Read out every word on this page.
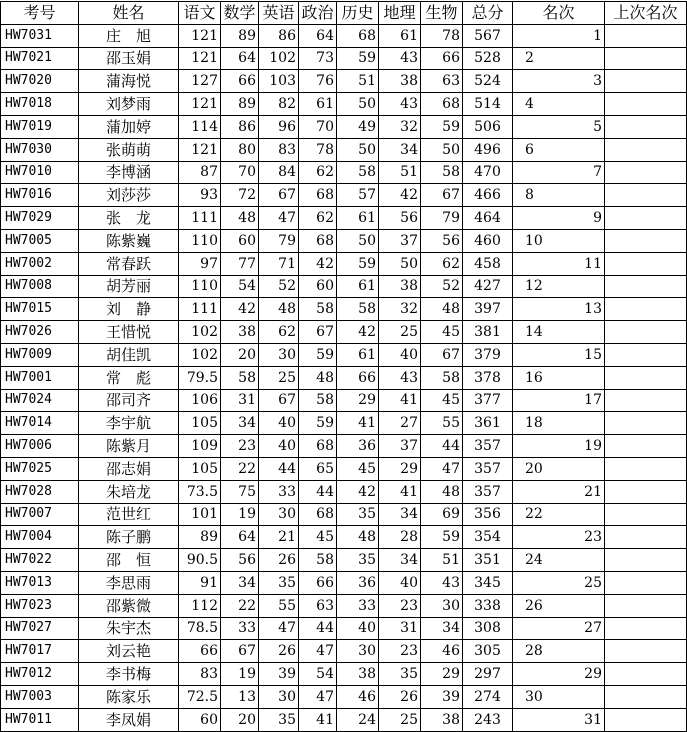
考号	姓名	语文	数学	英语	政治	历史	地理	生物	总分	名次	上次名次
HW7031	庄　旭	121	89	86	64	68	61	78	567	1	
HW7021	邵玉娟	121	64	102	73	59	43	66	528	2	
HW7020	蒲海悦	127	66	103	76	51	38	63	524	3	
HW7018	刘梦雨	121	89	82	61	50	43	68	514	4	
HW7019	蒲加婷	114	86	96	70	49	32	59	506	5	
HW7030	张萌萌	121	80	83	78	50	34	50	496	6	
HW7010	李博涵	87	70	84	62	58	51	58	470	7	
HW7016	刘莎莎	93	72	67	68	57	42	67	466	8	
HW7029	张　龙	111	48	47	62	61	56	79	464	9	
HW7005	陈紫巍	110	60	79	68	50	37	56	460	10	
HW7002	常春跃	97	77	71	42	59	50	62	458	11	
HW7008	胡芳丽	110	54	52	60	61	38	52	427	12	
HW7015	刘　静	111	42	48	58	58	32	48	397	13	
HW7026	王惜悦	102	38	62	67	42	25	45	381	14	
HW7009	胡佳凯	102	20	30	59	61	40	67	379	15	
HW7001	常　彪	79.5	58	25	48	66	43	58	378	16	
HW7024	邵司齐	106	31	67	58	29	41	45	377	17	
HW7014	李宇航	105	34	40	59	41	27	55	361	18	
HW7006	陈紫月	109	23	40	68	36	37	44	357	19	
HW7025	邵志娟	105	22	44	65	45	29	47	357	20	
HW7028	朱培龙	73.5	75	33	44	42	41	48	357	21	
HW7007	范世红	101	19	30	68	35	34	69	356	22	
HW7004	陈子鹏	89	64	21	45	48	28	59	354	23	
HW7022	邵　恒	90.5	56	26	58	35	34	51	351	24	
HW7013	李思雨	91	34	35	66	36	40	43	345	25	
HW7023	邵紫微	112	22	55	63	33	23	30	338	26	
HW7027	朱宇杰	78.5	33	47	44	40	31	34	308	27	
HW7017	刘云艳	66	67	26	47	30	23	46	305	28	
HW7012	李书梅	83	19	39	54	38	35	29	297	29	
HW7003	陈家乐	72.5	13	30	47	46	26	39	274	30	
HW7011	李凤娟	60	20	35	41	24	25	38	243	31	
